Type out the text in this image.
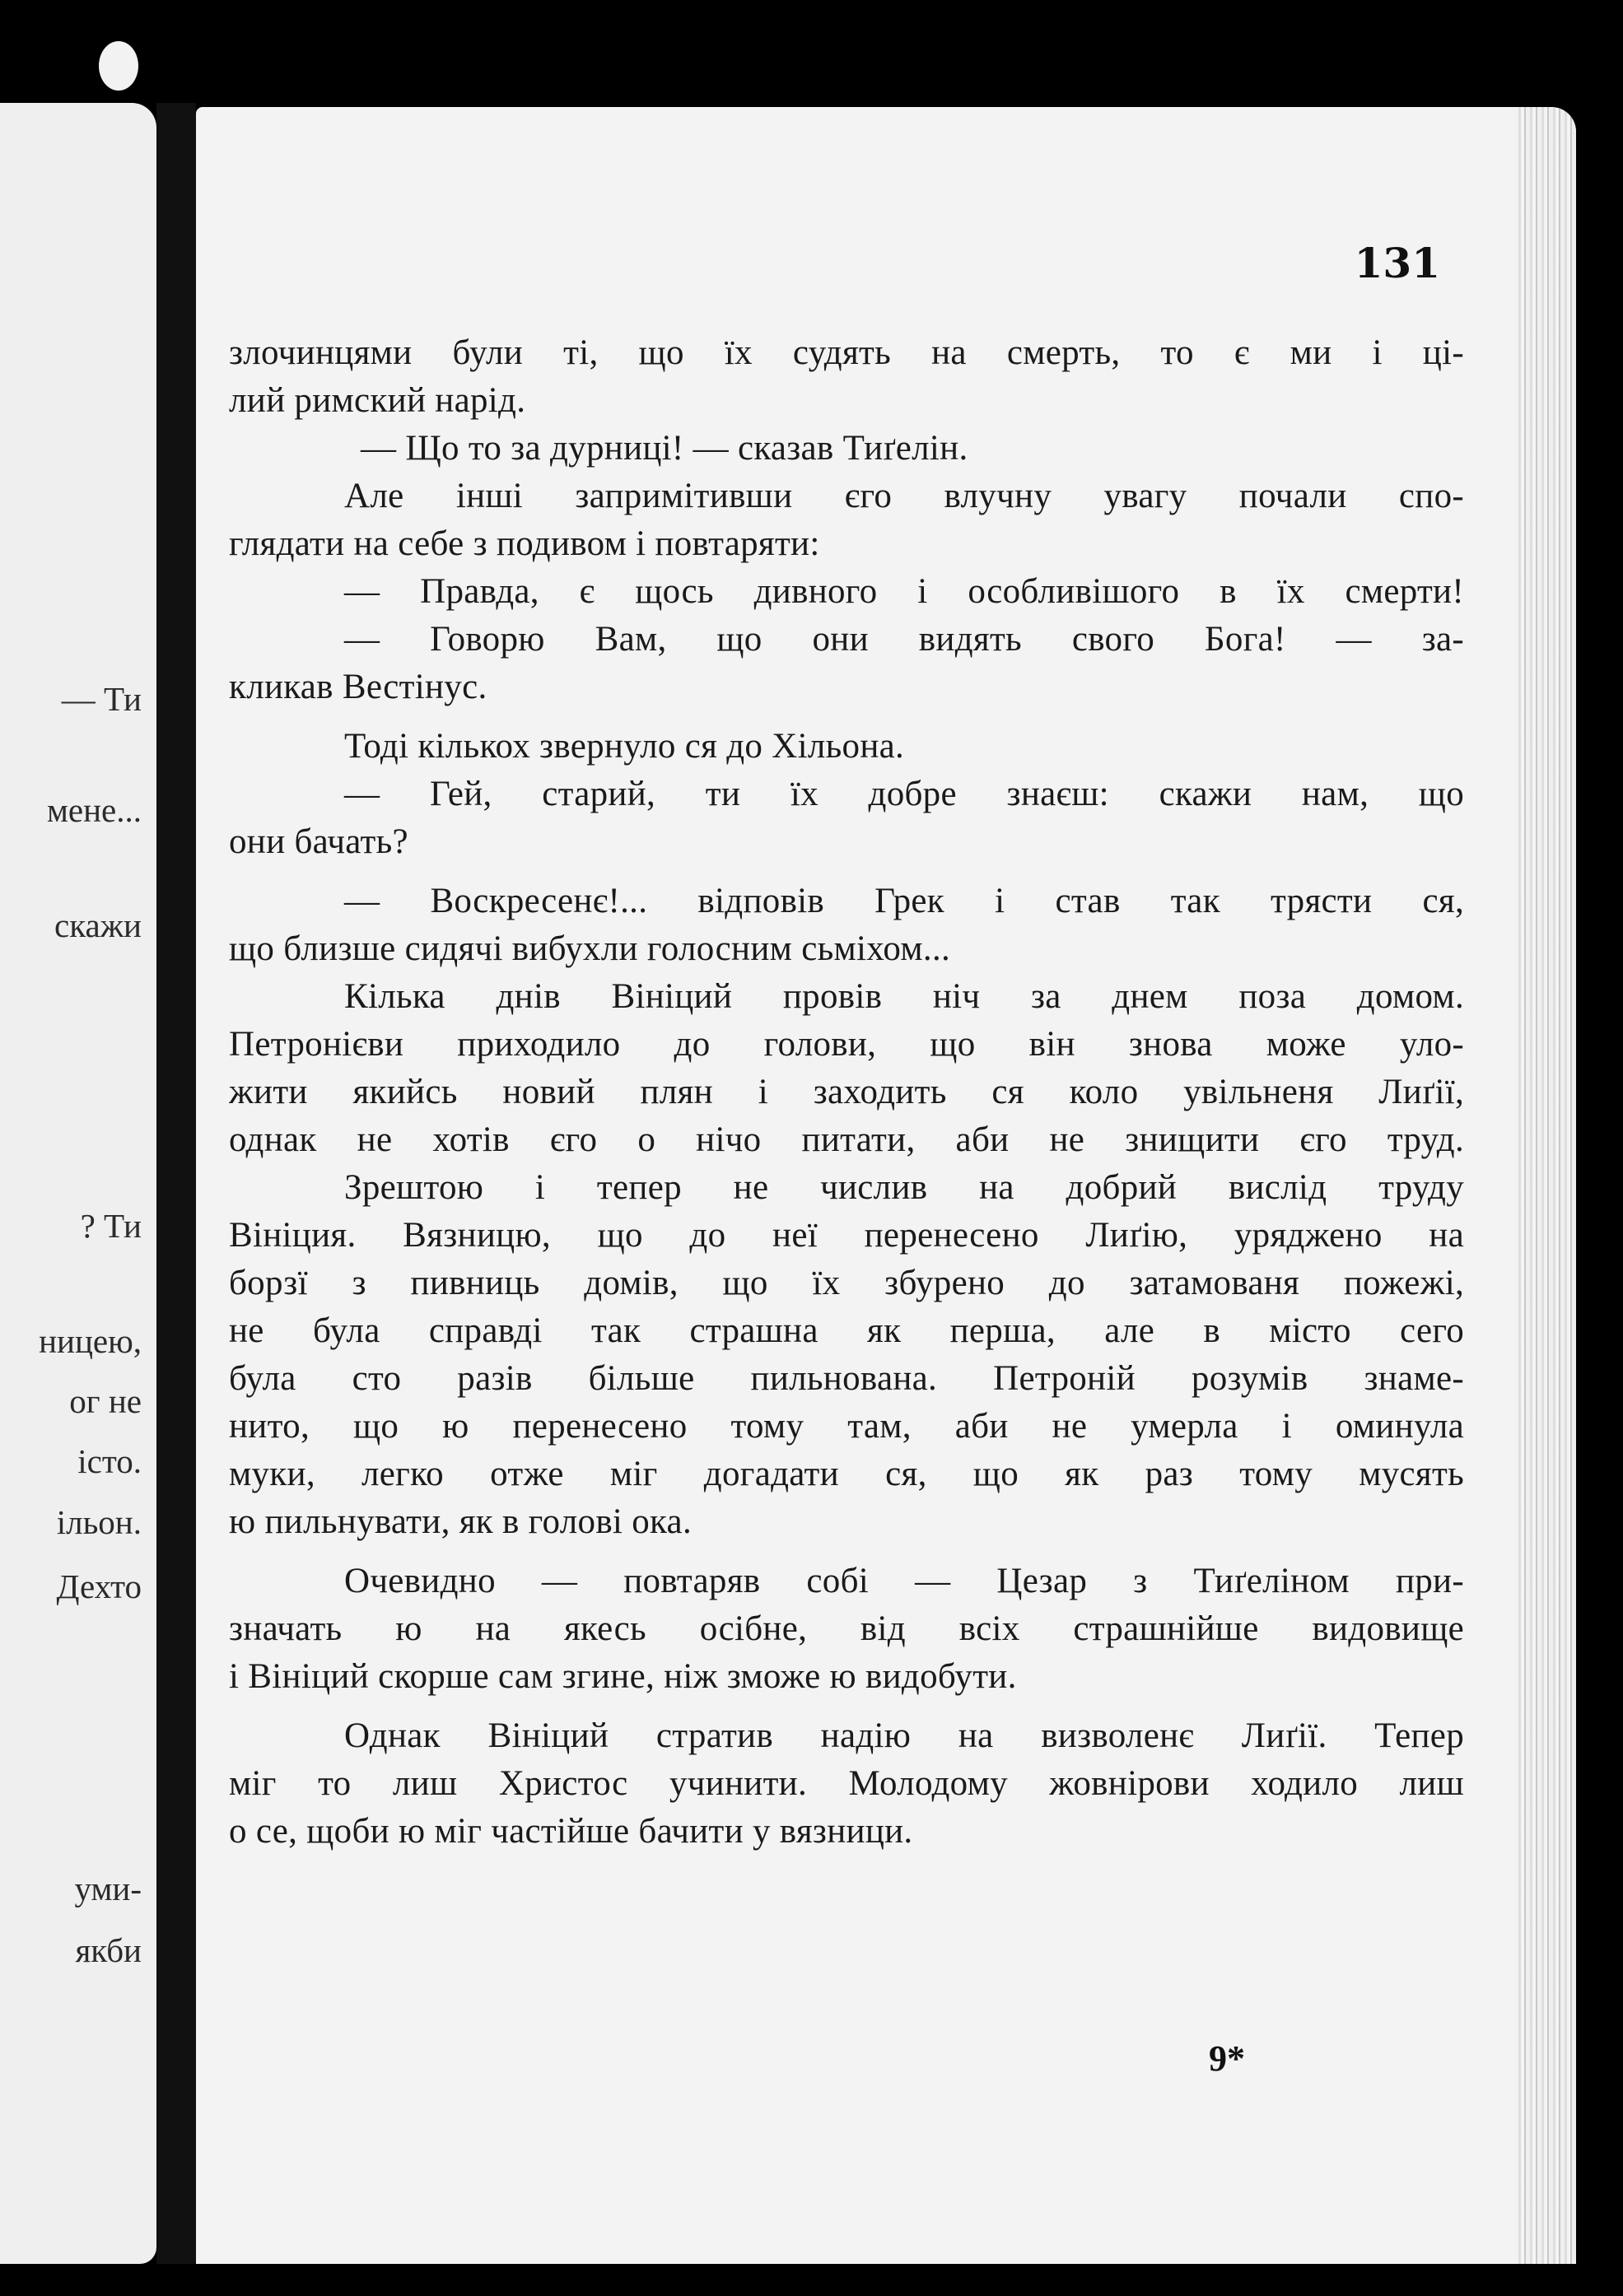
— Ти
мене...
скажи
? Ти
ницею,
ог не
істо.
ільон.
Дехто
уми-
якби
131
злочинцями були ті, що їх судять на смерть, то є ми і ці-
лий римский нарід.
— Що то за дурниці! — сказав Тиґелін.
Але інші запримітивши єго влучну увагу почали спо-
глядати на себе з подивом і повтаряти:
— Правда, є щось дивного і особливішого в їх смерти!
— Говорю Вам, що они видять свого Бога! — за-
кликав Вестінус.
Тоді кількох звернуло ся до Хільона.
— Гей, старий, ти їх добре знаєш: скажи нам, що
они бачать?
— Воскресенє!... відповів Грек і став так трясти ся,
що близше сидячі вибухли голосним сьміхом...
Кілька днів Вініций провів ніч за днем поза домом.
Петронієви приходило до голови, що він знова може уло-
жити якийсь новий плян і заходить ся коло увільненя Лиґії,
однак не хотів єго о нічо питати, аби не знищити єго труд.
Зрештою і тепер не числив на добрий вислід труду
Вініция. Вязницю, що до неї перенесено Лиґію, уряджено на
борзї з пивниць домів, що їх збурено до затамованя пожежі,
не була справді так страшна як перша, але в місто сего
була сто разів більше пильнована. Петроній розумів знаме-
нито, що ю перенесено тому там, аби не умерла і оминула
муки, легко отже міг догадати ся, що як раз тому мусять
ю пильнувати, як в голові ока.
Очевидно — повтаряв собі — Цезар з Тиґеліном при-
значать ю на якесь осібне, від всіх страшнійше видовище
і Вініций скорше сам згине, ніж зможе ю видобути.
Однак Вініций стратив надію на визволенє Лиґії. Тепер
міг то лиш Христос учинити. Молодому жовнірови ходило лиш
о се, щоби ю міг частійше бачити у вязници.
9*
